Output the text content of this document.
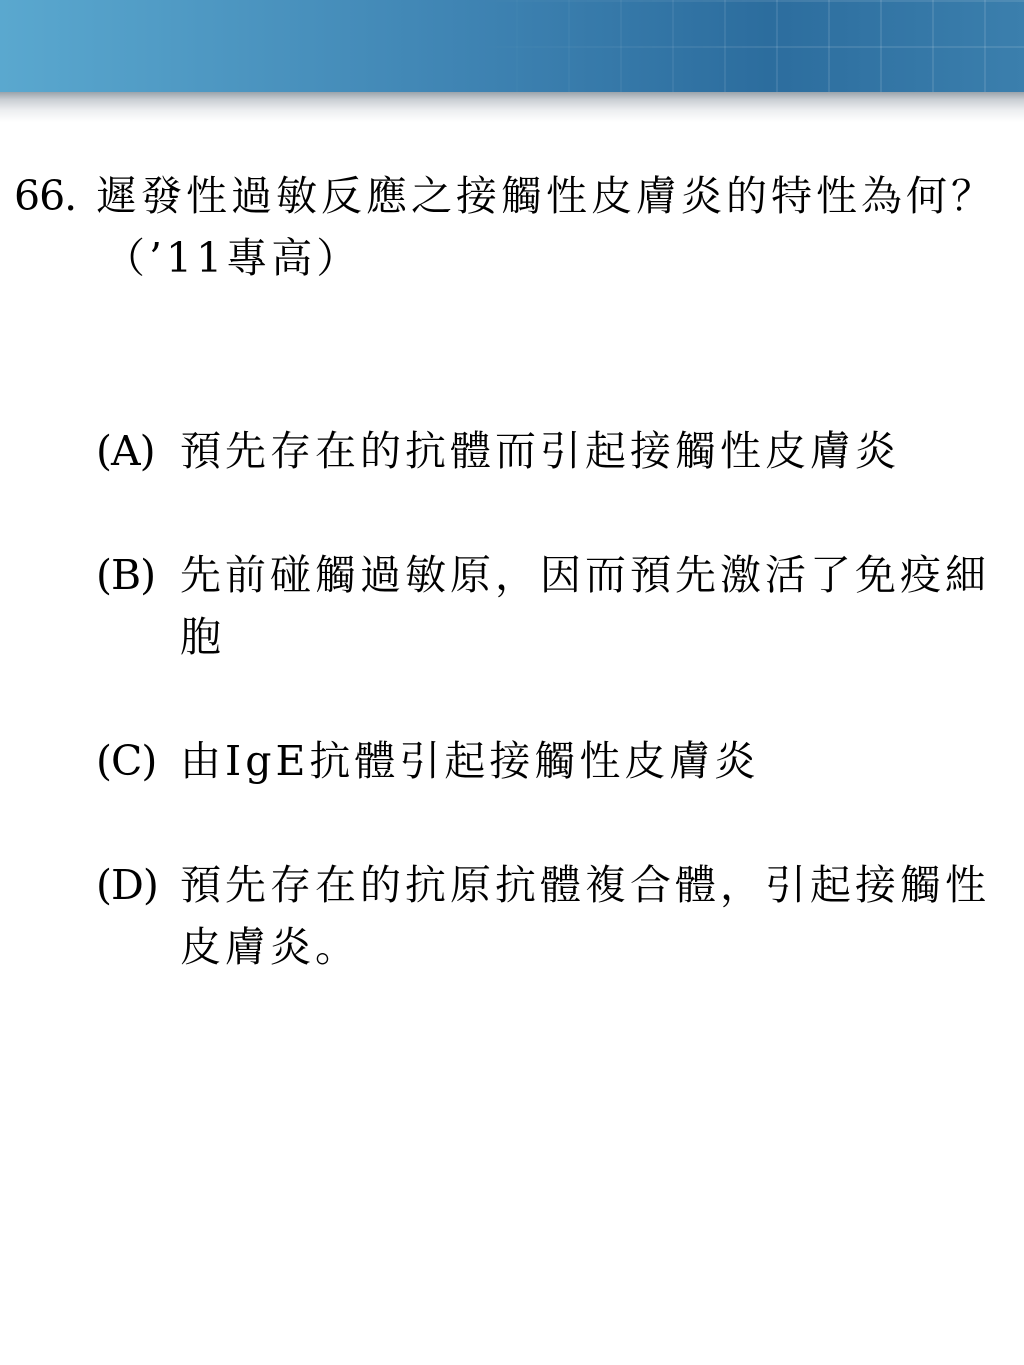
66. 遲發性過敏反應之接觸性皮膚炎的特性為何？
（’11專高）
(A) 預先存在的抗體而引起接觸性皮膚炎
(B) 先前碰觸過敏原，因而預先激活了免疫細胞
(C) 由IgE抗體引起接觸性皮膚炎
(D) 預先存在的抗原抗體複合體，引起接觸性皮膚炎。
